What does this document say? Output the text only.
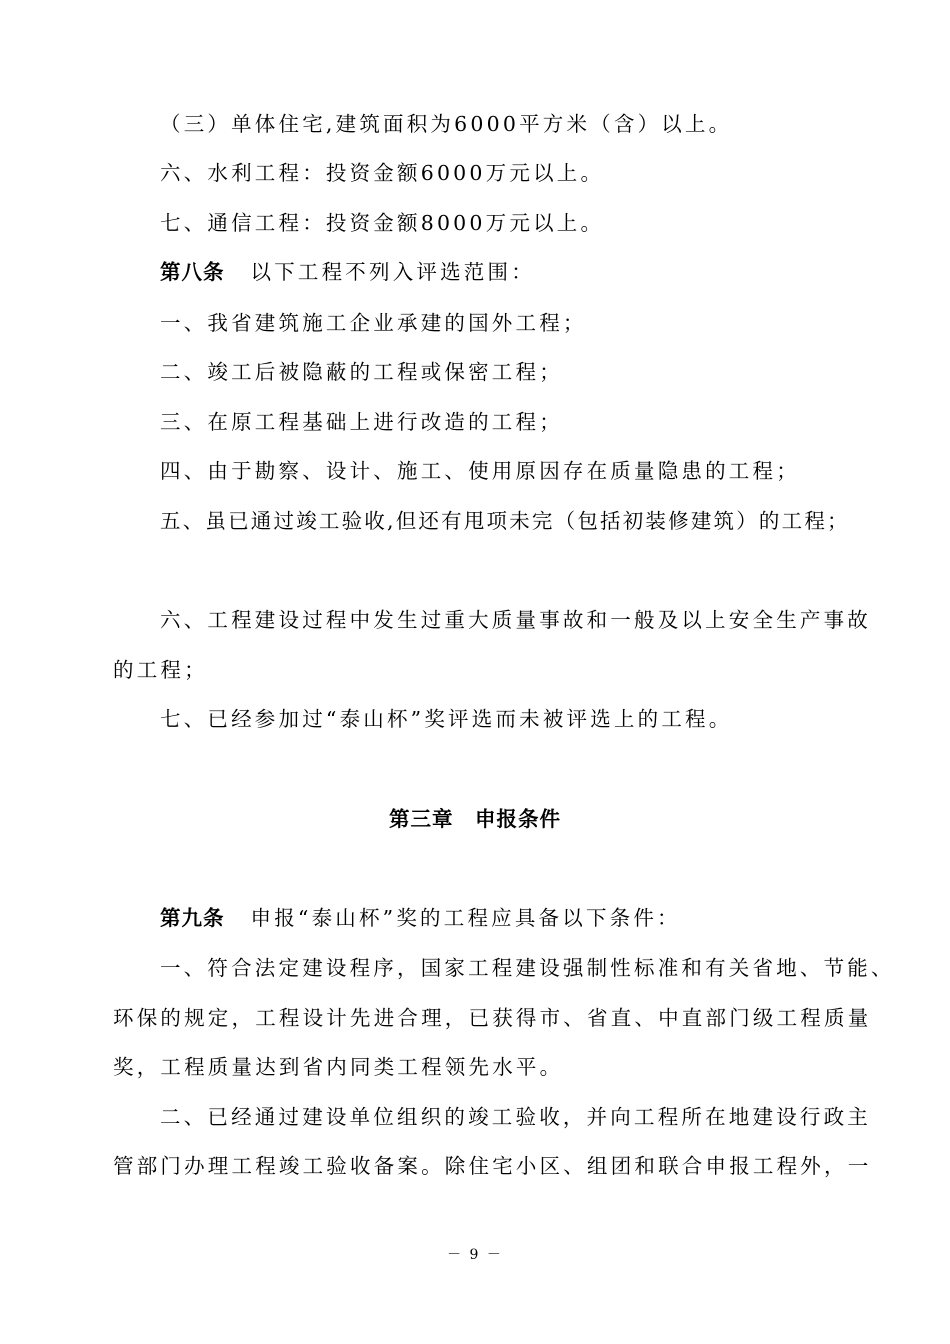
（三）单体住宅,建筑面积为6000平方米（含）以上。
六、水利工程：投资金额6000万元以上。
七、通信工程：投资金额8000万元以上。
第八条 以下工程不列入评选范围：
一、我省建筑施工企业承建的国外工程；
二、竣工后被隐蔽的工程或保密工程；
三、在原工程基础上进行改造的工程；
四、由于勘察、设计、施工、使用原因存在质量隐患的工程；
五、虽已通过竣工验收,但还有甩项未完（包括初装修建筑）的工程；
六、工程建设过程中发生过重大质量事故和一般及以上安全生产事故
的工程；
七、已经参加过“泰山杯”奖评选而未被评选上的工程。
第三章　申报条件
第九条 申报“泰山杯”奖的工程应具备以下条件：
一、符合法定建设程序，国家工程建设强制性标准和有关省地、节能、
环保的规定，工程设计先进合理，已获得市、省直、中直部门级工程质量
奖，工程质量达到省内同类工程领先水平。
二、已经通过建设单位组织的竣工验收，并向工程所在地建设行政主
管部门办理工程竣工验收备案。除住宅小区、组团和联合申报工程外，一
－ 9 －
